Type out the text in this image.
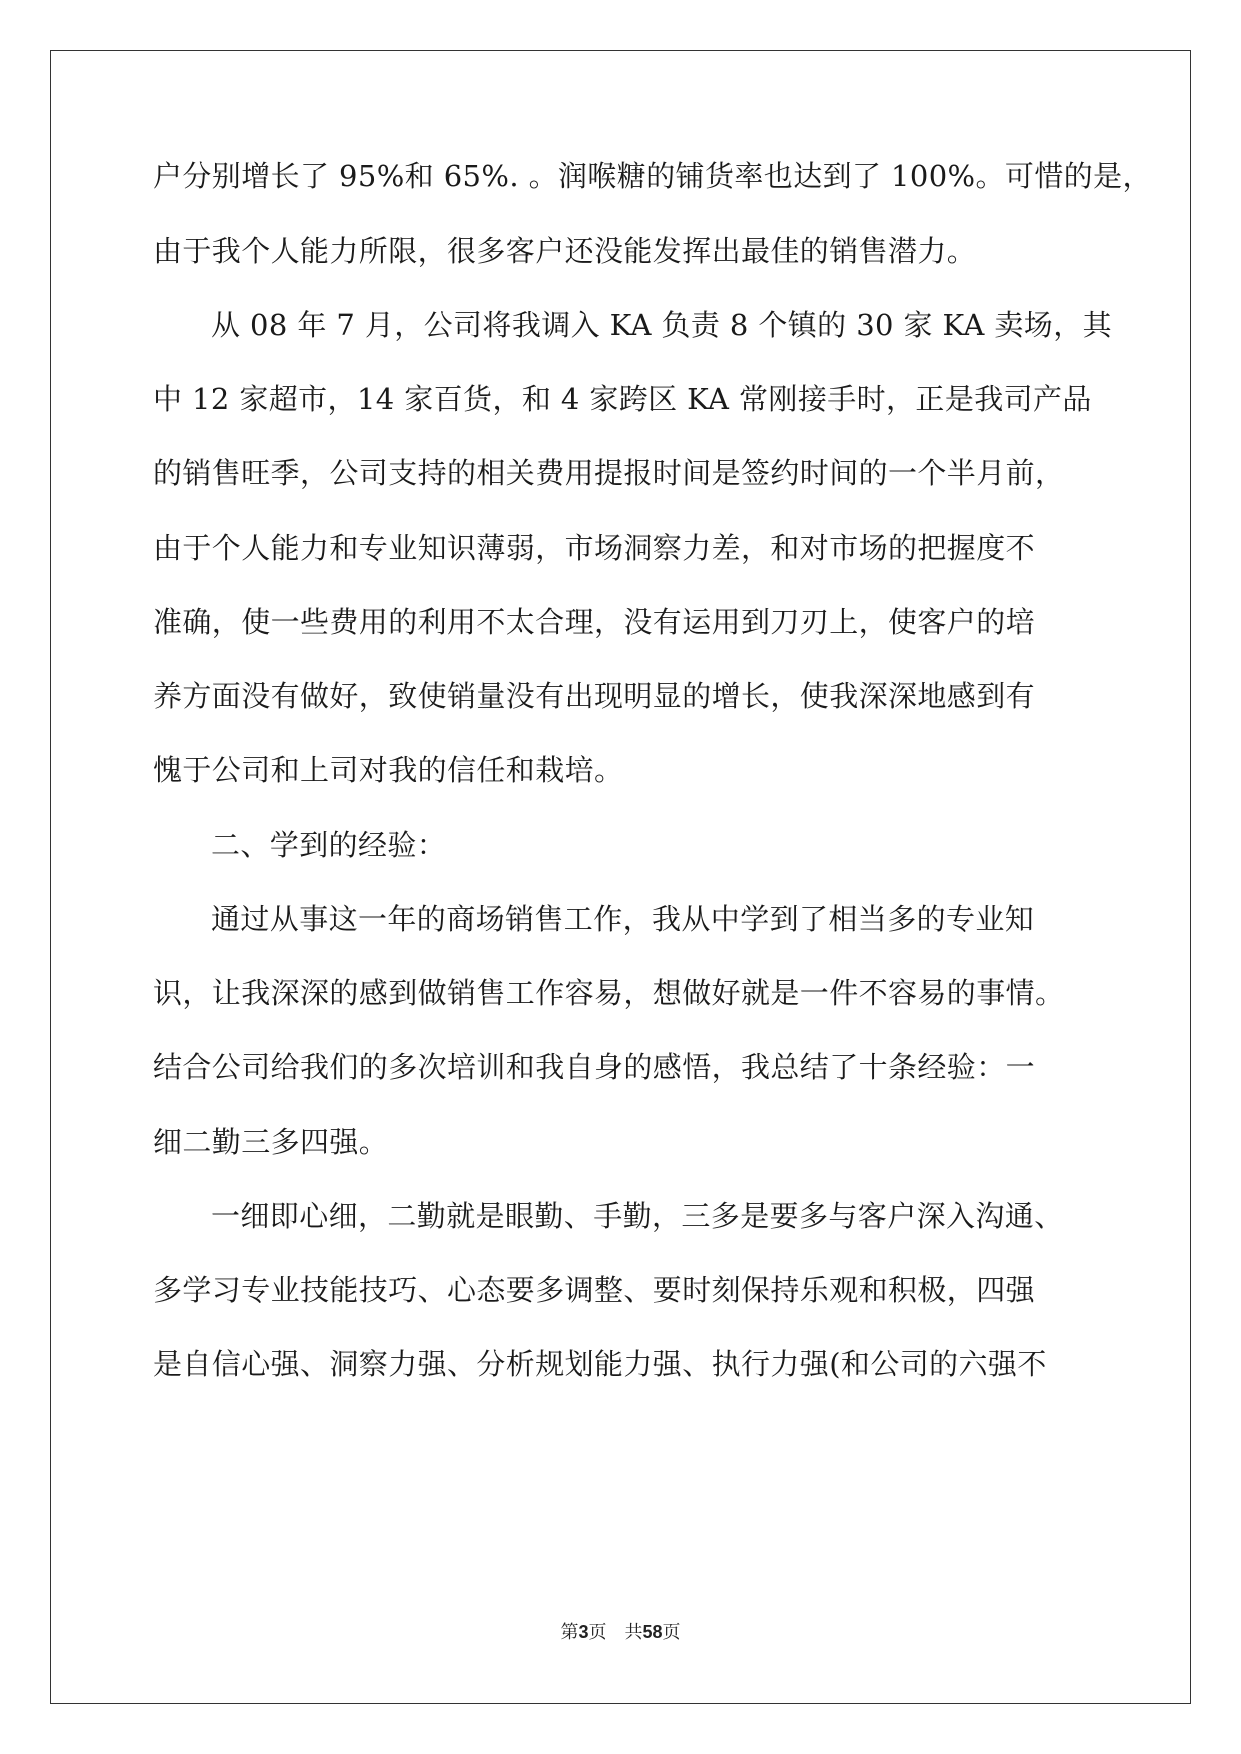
户分别增长了 95%和 65%. 。润喉糖的铺货率也达到了 100%。可惜的是，
由于我个人能力所限，很多客户还没能发挥出最佳的销售潜力。
从 08 年 7 月，公司将我调入 KA 负责 8 个镇的 30 家 KA 卖场，其
中 12 家超市，14 家百货，和 4 家跨区 KA 常刚接手时，正是我司产品
的销售旺季，公司支持的相关费用提报时间是签约时间的一个半月前，
由于个人能力和专业知识薄弱，市场洞察力差，和对市场的把握度不
准确，使一些费用的利用不太合理，没有运用到刀刃上，使客户的培
养方面没有做好，致使销量没有出现明显的增长，使我深深地感到有
愧于公司和上司对我的信任和栽培。
二、学到的经验：
通过从事这一年的商场销售工作，我从中学到了相当多的专业知
识，让我深深的感到做销售工作容易，想做好就是一件不容易的事情。
结合公司给我们的多次培训和我自身的感悟，我总结了十条经验：一
细二勤三多四强。
一细即心细，二勤就是眼勤、手勤，三多是要多与客户深入沟通、
多学习专业技能技巧、心态要多调整、要时刻保持乐观和积极，四强
是自信心强、洞察力强、分析规划能力强、执行力强(和公司的六强不
第3页 共58页
